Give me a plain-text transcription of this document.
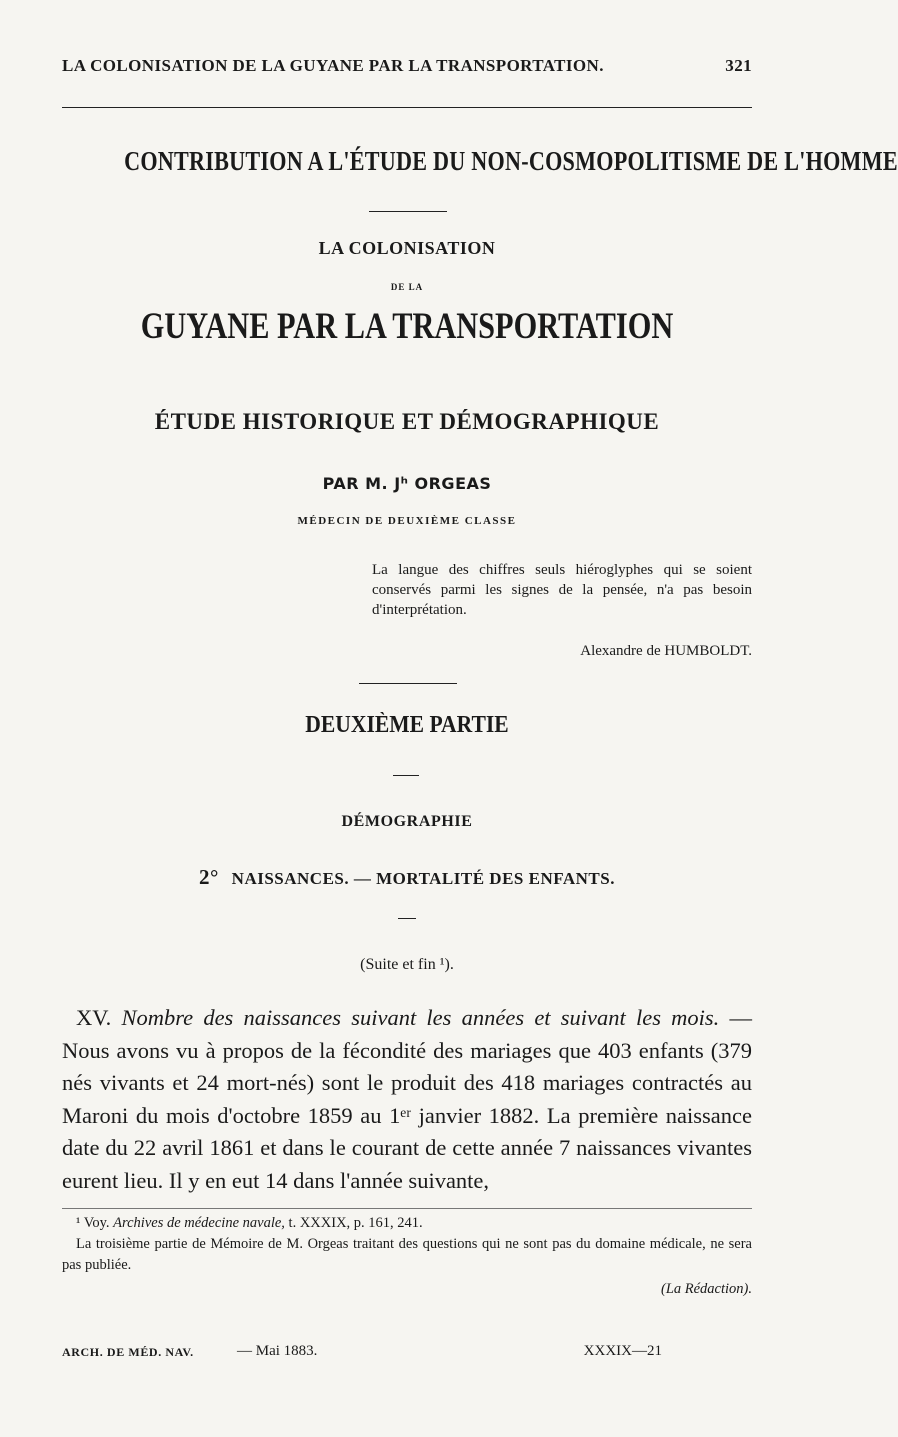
LA COLONISATION DE LA GUYANE PAR LA TRANSPORTATION.	321
CONTRIBUTION A L'ÉTUDE DU NON-COSMOPOLITISME DE L'HOMME
LA COLONISATION
DE LA
GUYANE PAR LA TRANSPORTATION
ÉTUDE HISTORIQUE ET DÉMOGRAPHIQUE
PAR M. Jʰ ORGEAS
MÉDECIN DE DEUXIÈME CLASSE
La langue des chiffres seuls hiéroglyphes qui se soient conservés parmi les signes de la pensée, n'a pas besoin d'interprétation.
Alexandre de HUMBOLDT.
DEUXIÈME PARTIE
DÉMOGRAPHIE
2° NAISSANCES. — MORTALITÉ DES ENFANTS.
(Suite et fin ¹).
XV. Nombre des naissances suivant les années et suivant les mois. — Nous avons vu à propos de la fécondité des mariages que 403 enfants (379 nés vivants et 24 mort-nés) sont le produit des 418 mariages contractés au Maroni du mois d'octobre 1859 au 1ᵉʳ janvier 1882. La première naissance date du 22 avril 1861 et dans le courant de cette année 7 naissances vivantes eurent lieu. Il y en eut 14 dans l'année suivante,

¹ Voy. Archives de médecine navale, t. XXXIX, p. 161, 241.

La troisième partie de Mémoire de M. Orgeas traitant des questions qui ne sont pas du domaine médicale, ne sera pas publiée.

(La Rédaction).

ARCH. DE MÉD. NAV.	— Mai 1883.	XXXIX—21
